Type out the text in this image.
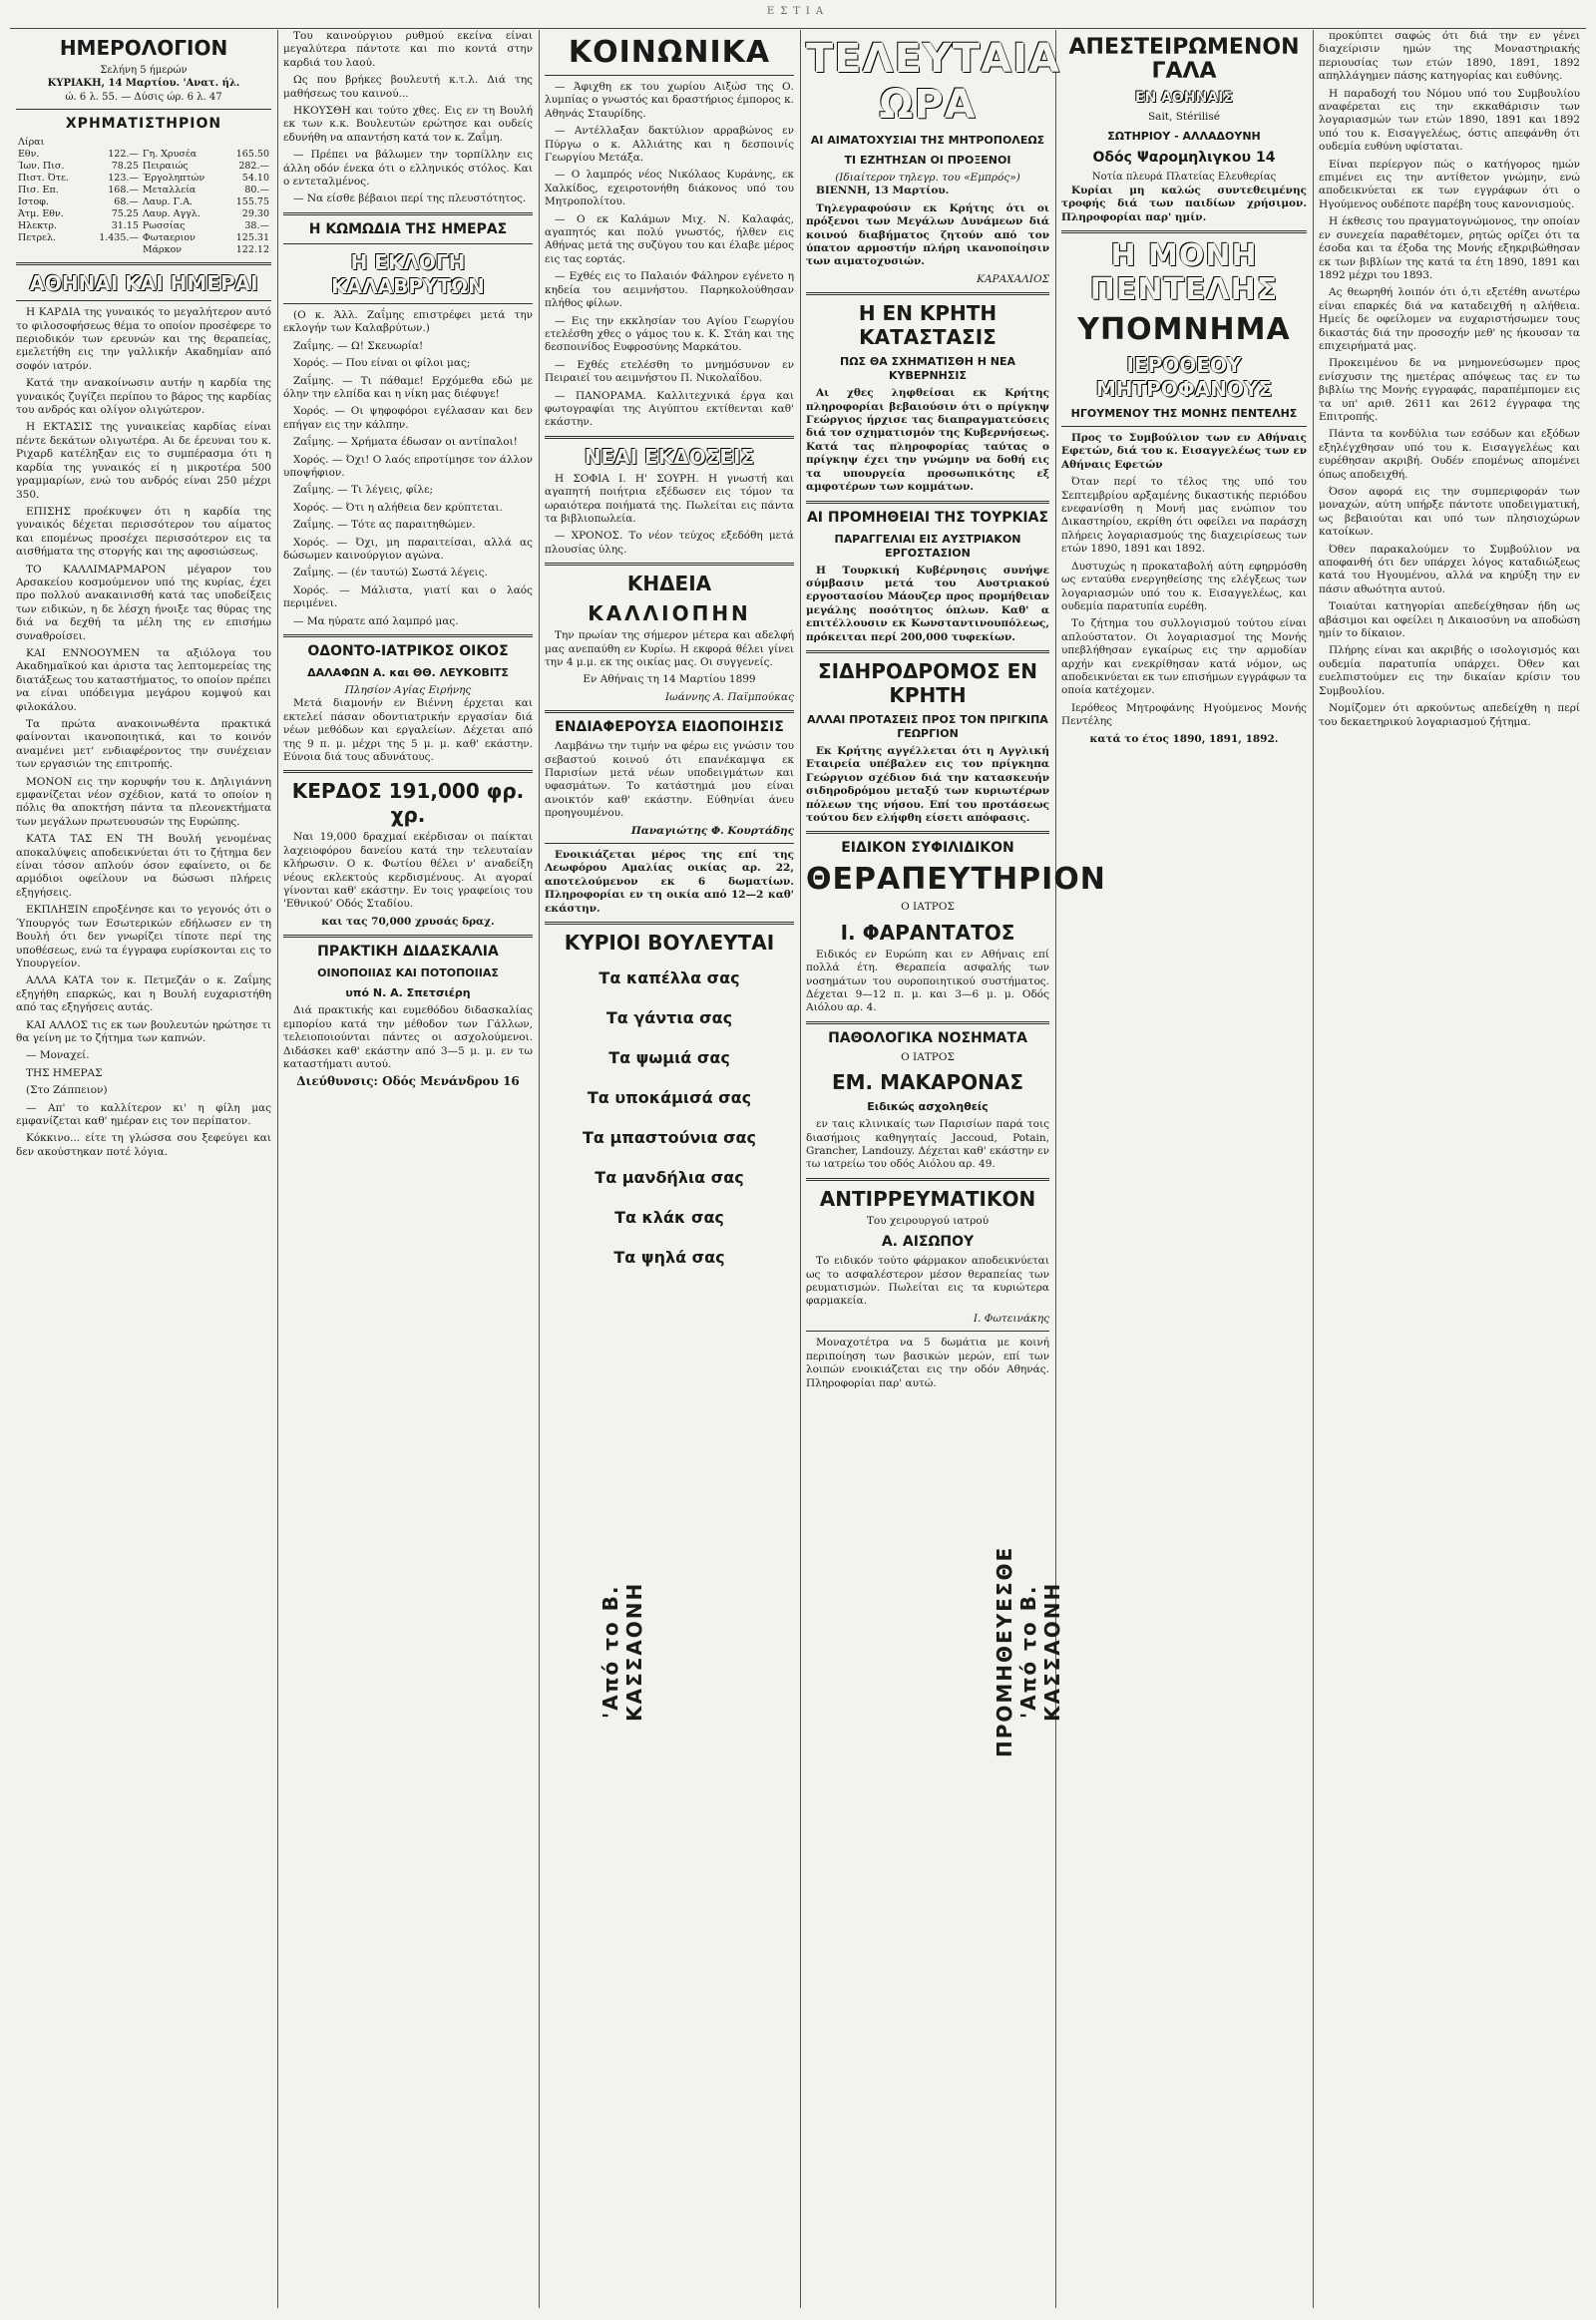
ΕΣΤΙΑ
ΗΜΕΡΟΛΟΓΙΟΝ
Σελήνη 5 ήμερών
ΚΥΡΙΑΚΗ, 14 Μαρτίου. 'Ανατ. ήλ.
ώ. 6 λ. 55. — Δύσις ώρ. 6 λ. 47
ΧΡΗΜΑΤΙΣΤΗΡΙΟΝ
Λίραι			
Εθν.	122.—	Γη. Χρυσέα	165.50
Ίων. Πισ.	78.25	Πειραιώς	282.—
Πιστ. Ότε.	123.—	Έργοληπτών	54.10
Πισ. Επ.	168.—	Μεταλλεία	80.—
Ιστοφ.	68.—	Λαυρ. Γ.Α.	155.75
Άτμ. Εθν.	75.25	Λαυρ. Αγγλ.	29.30
Ηλεκτρ.	31.15	Ρωσσίας	38.—
Πετρελ.	1.435.—	Φωταεριον	125.31
		Μάρκον	122.12
ΑΘΗΝΑΙ ΚΑΙ ΗΜΕΡΑΙ

Η ΚΑΡΔΙΑ της γυναικός το μεγαλήτερον αυτό το φιλοσοφήσεως θέμα το οποίον προσέφερε το περιοδικόν των ερευνών και της θεραπείας, εμελετήθη εις την γαλλικήν Ακαδημίαν από σοφόν ιατρόν.

Κατά την ανακοίνωσιν αυτήν η καρδία της γυναικός ζυγίζει περίπου το βάρος της καρδίας του ανδρός και ολίγον ολιγώτερον.

Η ΕΚΤΑΣΙΣ της γυναικείας καρδίας είναι πέντε δεκάτων ολιγωτέρα. Αι δε έρευναι του κ. Ριχαρδ κατέληξαν εις το συμπέρασμα ότι η καρδία της γυναικός εί η μικροτέρα 500 γραμμαρίων, ενώ του ανδρός είναι 250 μέχρι 350.

ΕΠΙΣΗΣ προέκυψεν ότι η καρδία της γυναικός δέχεται περισσότερον του αίματος και επομένως προσέχει περισσότερον εις τα αισθήματα της στοργής και της αφοσιώσεως.

ΤΟ ΚΑΛΛΙΜΑΡΜΑΡΟΝ μέγαρον του Αρσακείου κοσμούμενον υπό της κυρίας, έχει προ πολλού ανακαινισθή κατά τας υποδείξεις των ειδικών, η δε λέσχη ήνοιξε τας θύρας της διά να δεχθή τα μέλη της εν επισήμω συναθροίσει.

ΚΑΙ ΕΝΝΟΟΥΜΕΝ τα αξιόλογα του Ακαδημαϊκού και άριστα τας λεπτομερείας της διατάξεως του καταστήματος, το οποίον πρέπει να είναι υπόδειγμα μεγάρου κομψού και φιλοκάλου.

Τα πρώτα ανακοινωθέντα πρακτικά φαίνονται ικανοποιητικά, και το κοινόν αναμένει μετ' ενδιαφέροντος την συνέχειαν των εργασιών της επιτροπής.

ΜΟΝΟΝ εις την κορυφήν του κ. Δηλιγιάννη εμφανίζεται νέον σχέδιον, κατά το οποίον η πόλις θα αποκτήση πάντα τα πλεονεκτήματα των μεγάλων πρωτευουσών της Ευρώπης.

ΚΑΤΑ ΤΑΣ ΕΝ ΤΗ Βουλή γενομένας αποκαλύψεις αποδεικνύεται ότι το ζήτημα δεν είναι τόσον απλούν όσον εφαίνετο, οι δε αρμόδιοι οφείλουν να δώσωσι πλήρεις εξηγήσεις.

ΕΚΠΛΗΞΙΝ επροξένησε και το γεγονός ότι ο Ύπουργός των Εσωτερικών εδήλωσεν εν τη Βουλή ότι δεν γνωρίζει τίποτε περί της υποθέσεως, ενώ τα έγγραφα ευρίσκονται εις το Υπουργείον.

ΑΛΛΑ ΚΑΤΑ τον κ. Πετμεζάν ο κ. Ζαΐμης εξηγήθη επαρκώς, και η Βουλή ευχαριστήθη από τας εξηγήσεις αυτάς.

ΚΑΙ ΑΛΛΟΣ τις εκ των βουλευτών ηρώτησε τι θα γείνη με το ζήτημα των καπνών.

— Μοναχεί.

ΤΗΣ ΗΜΕΡΑΣ

(Στο Ζάππειον)

— Απ' το καλλίτερον κι' η φίλη μας εμφανίζεται καθ' ημέραν εις τον περίπατον.

Κόκκινο... είτε τη γλώσσα σου ξεφεύγει και δεν ακούστηκαν ποτέ λόγια.

Του καινούργιου ρυθμού εκείνα είναι μεγαλύτερα πάντοτε και πιο κοντά στην καρδιά του λαού.

Ως που βρήκες βουλευτή κ.τ.λ. Διά της μαθήσεως του καινού...

ΗΚΟΥΣΘΗ και τούτο χθες. Εις εν τη Βουλή εκ των κ.κ. Βουλευτών ερώτησε και ουδείς εδυνήθη να απαντήση κατά τον κ. Ζαΐμη.

— Πρέπει να βάλωμεν την τορπίλλην εις άλλη οδόν ένεκα ότι ο ελληνικός στόλος. Και ο εντεταλμένος.

— Να είσθε βέβαιοι περί της πλευστότητος.

Η ΚΩΜΩΔΙΑ ΤΗΣ ΗΜΕΡΑΣ
Η ΕΚΛΟΓΗ ΚΑΛΑΒΡΥΤΩΝ

(Ο κ. Άλλ. Ζαΐμης επιστρέφει μετά την εκλογήν των Καλαβρύτων.)

Ζαΐμης. — Ω! Σκευωρία!

Χορός. — Που είναι οι φίλοι μας;

Ζαΐμης. — Τι πάθαμε! Ερχόμεθα εδώ με όλην την ελπίδα και η νίκη μας διέφυγε!

Χορός. — Οι ψηφοφόροι εγέλασαν και δεν επήγαν εις την κάλπην.

Ζαΐμης. — Χρήματα έδωσαν οι αντίπαλοι!

Χορός. — Όχι! Ο λαός επροτίμησε τον άλλον υποψήφιον.

Ζαΐμης. — Τι λέγεις, φίλε;

Χορός. — Ότι η αλήθεια δεν κρύπτεται.

Ζαΐμης. — Τότε ας παραιτηθώμεν.

Χορός. — Όχι, μη παραιτείσαι, αλλά ας δώσωμεν καινούργιον αγώνα.

Ζαΐμης. — (έν ταυτώ) Σωστά λέγεις.

Χορός. — Μάλιστα, γιατί και ο λαός περιμένει.

— Μα ηύρατε από λαμπρό μας.

ΟΔΟΝΤΟ-ΙΑΤΡΙΚΟΣ ΟΙΚΟΣ
ΔΑΛΑΦΩΝ Α. και ΘΘ. ΛΕΥΚΟΒΙΤΣ
Πλησίον Αγίας Ειρήνης

Μετά διαμονήν εν Βιέννη έρχεται και εκτελεί πάσαν οδοντιατρικήν εργασίαν διά νέων μεθόδων και εργαλείων. Δέχεται από της 9 π. μ. μέχρι της 5 μ. μ. καθ' εκάστην. Εύνοια διά τους αδυνάτους.

ΚΕΡΔΟΣ 191,000 φρ. χρ.

Ναι 19,000 δραχμαί εκέρδισαν οι παίκται λαχειοφόρου δανείου κατά την τελευταίαν κλήρωσιν. Ο κ. Φωτίου θέλει ν' αναδείξη νέους εκλεκτούς κερδισμένους. Αι αγοραί γίνονται καθ' εκάστην. Εν τοις γραφείοις του 'Εθνικού' Οδός Σταδίου.

και τας 70,000 χρυσάς δραχ.

ΠΡΑΚΤΙΚΗ ΔΙΔΑΣΚΑΛΙΑ
ΟΙΝΟΠΟΙΙΑΣ ΚΑΙ ΠΟΤΟΠΟΙΙΑΣ
υπό Ν. Α. Σπετσιέρη

Διά πρακτικής και ευμεθόδου διδασκαλίας εμπορίου κατά την μέθοδον των Γάλλων, τελειοποιούνται πάντες οι ασχολούμενοι. Διδάσκει καθ' εκάστην από 3—5 μ. μ. εν τω καταστήματι αυτού.

Διεύθυνσις: Οδός Μενάνδρου 16
ΚΟΙΝΩΝΙΚΑ

— Άφιχθη εκ του χωρίου Αιξώσ της Ο. λυμπίας ο γνωστός και δραστήριος έμπορος κ. Αθηνάς Σταυρίδης.

— Αντέλλαξαν δακτύλιον αρραβώνος εν Πύργω ο κ. Αλλιάτης και η δεσποινίς Γεωργίου Μετάξα.

— Ο λαμπρός νέος Νικόλαος Κυράνης, εκ Χαλκίδος, εχειροτονήθη διάκονος υπό του Μητροπολίτου.

— Ο εκ Καλάμων Μιχ. Ν. Καλαφάς, αγαπητός και πολύ γνωστός, ήλθεν εις Αθήνας μετά της συζύγου του και έλαβε μέρος εις τας εορτάς.

— Εχθές εις το Παλαιόν Φάληρον εγένετο η κηδεία του αειμνήστου. Παρηκολούθησαν πλήθος φίλων.

— Εις την εκκλησίαν του Αγίου Γεωργίου ετελέσθη χθες ο γάμος του κ. Κ. Στάη και της δεσποινίδος Ευφροσύνης Μαρκάτου.

— Εχθές ετελέσθη το μνημόσυνον εν Πειραιεί του αειμνήστου Π. Νικολαΐδου.

— ΠΑΝΟΡΑΜΑ. Καλλιτεχνικά έργα και φωτογραφίαι της Αιγύπτου εκτίθενται καθ' εκάστην.

ΝΕΑΙ ΕΚΔΟΣΕΙΣ

Η ΣΟΦΙΑ Ι. Η' ΣΟΥΡΗ. Η γνωστή και αγαπητή ποιήτρια εξέδωσεν εις τόμον τα ωραιότερα ποιήματά της. Πωλείται εις πάντα τα βιβλιοπωλεία.

— ΧΡΟΝΟΣ. Το νέον τεύχος εξεδόθη μετά πλουσίας ύλης.

ΚΗΔΕΙΑ
ΚΑΛΛΙΟΠΗΝ

Την πρωίαν της σήμερον μέτερα και αδελφή μας ανεπαύθη εν Κυρίω. Η εκφορά θέλει γίνει την 4 μ.μ. εκ της οικίας μας. Οι συγγενείς.

Εν Αθήναις τη 14 Μαρτίου 1899

Ιωάννης Α. Παϊμπούκας

ΕΝΔΙΑΦΕΡΟΥΣΑ ΕΙΔΟΠΟΙΗΣΙΣ

Λαμβάνω την τιμήν να φέρω εις γνώσιν του σεβαστού κοινού ότι επανέκαμψα εκ Παρισίων μετά νέων υποδειγμάτων και υφασμάτων. Το κατάστημά μου είναι ανοικτόν καθ' εκάστην. Εύθηνίαι άνευ προηγουμένου.

Παναγιώτης Φ. Κουρτάδης

Ενοικιάζεται μέρος της επί της Λεωφόρου Αμαλίας οικίας αρ. 22, αποτελούμενον εκ 6 δωματίων. Πληροφορίαι εν τη οικία από 12—2 καθ' εκάστην.

ΚΥΡΙΟΙ ΒΟΥΛΕΥΤΑΙ
Τα καπέλλα σας
Τα γάντια σας
Τα ψωμιά σας
Τα υποκάμισά σας
Τα μπαστούνια σας
Τα μανδήλια σας
Τα κλάκ σας
Τα ψηλά σας
ΤΕΛΕΥΤΑΙΑ ΩΡΑ
ΑΙ ΑΙΜΑΤΟΧΥΣΙΑΙ ΤΗΣ ΜΗΤΡΟΠΟΛΕΩΣ
ΤΙ ΕΖΗΤΗΣΑΝ ΟΙ ΠΡΟΞΕΝΟΙ
(Ιδιαίτερον τηλεγρ. του «Εμπρός»)

ΒΙΕΝΝΗ, 13 Μαρτίου.

Τηλεγραφούσιν εκ Κρήτης ότι οι πρόξενοι των Μεγάλων Δυνάμεων διά κοινού διαβήματος ζητούν από τον ύπατον αρμοστήν πλήρη ικανοποίησιν των αιματοχυσιών.

ΚΑΡΑΧΑΛΙΟΣ

Η ΕΝ ΚΡΗΤΗ ΚΑΤΑΣΤΑΣΙΣ
ΠΩΣ ΘΑ ΣΧΗΜΑΤΙΣΘΗ Η ΝΕΑ ΚΥΒΕΡΝΗΣΙΣ

Αι χθες ληφθείσαι εκ Κρήτης πληροφορίαι βεβαιούσιν ότι ο πρίγκηψ Γεώργιος ήρχισε τας διαπραγματεύσεις διά τον σχηματισμόν της Κυβερνήσεως. Κατά τας πληροφορίας ταύτας ο πρίγκηψ έχει την γνώμην να δοθή εις τα υπουργεία προσωπικότης εξ αμφοτέρων των κομμάτων.

ΑΙ ΠΡΟΜΗΘΕΙΑΙ ΤΗΣ ΤΟΥΡΚΙΑΣ
ΠΑΡΑΓΓΕΛΙΑΙ ΕΙΣ ΑΥΣΤΡΙΑΚΟΝ ΕΡΓΟΣΤΑΣΙΟΝ

Η Τουρκική Κυβέρνησις συνήψε σύμβασιν μετά του Αυστριακού εργοστασίου Μάουζερ προς προμήθειαν μεγάλης ποσότητος όπλων. Καθ' α επιτέλλουσιν εκ Κωνσταντινουπόλεως, πρόκειται περί 200,000 τυφεκίων.

ΣΙΔΗΡΟΔΡΟΜΟΣ ΕΝ ΚΡΗΤΗ
ΑΛΛΑΙ ΠΡΟΤΑΣΕΙΣ ΠΡΟΣ ΤΟΝ ΠΡΙΓΚΙΠΑ ΓΕΩΡΓΙΟΝ

Εκ Κρήτης αγγέλλεται ότι η Αγγλική Εταιρεία υπέβαλεν εις τον πρίγκηπα Γεώργιον σχέδιον διά την κατασκευήν σιδηροδρόμου μεταξύ των κυριωτέρων πόλεων της νήσου. Επί του προτάσεως τούτου δεν ελήφθη είσετι απόφασις.

ΕΙΔΙΚΟΝ ΣΥΦΙΛΙΔΙΚΟΝ
ΘΕΡΑΠΕΥΤΗΡΙΟΝ
Ο ΙΑΤΡΟΣ
Ι. ΦΑΡΑΝΤΑΤΟΣ

Ειδικός εν Ευρώπη και εν Αθήναις επί πολλά έτη. Θεραπεία ασφαλής των νοσημάτων του ουροποιητικού συστήματος. Δέχεται 9—12 π. μ. και 3—6 μ. μ. Οδός Αιόλου αρ. 4.

ΠΑΘΟΛΟΓΙΚΑ ΝΟΣΗΜΑΤΑ
Ο ΙΑΤΡΟΣ
ΕΜ. ΜΑΚΑΡΟΝΑΣ
Ειδικώς ασχοληθείς

εν ταις κλινικαίς των Παρισίων παρά τοις διασήμοις καθηγηταίς Jaccoud, Potain, Grancher, Landouzy. Δέχεται καθ' εκάστην εν τω ιατρείω του οδός Αιόλου αρ. 49.

ΑΝΤΙΡΡΕΥΜΑΤΙΚΟΝ
Του χειρουργού ιατρού
Α. ΑΙΣΩΠΟΥ

Το ειδικόν τούτο φάρμακον αποδεικνύεται ως το ασφαλέστερον μέσον θεραπείας των ρευματισμών. Πωλείται εις τα κυριώτερα φαρμακεία.

Ι. Φωτεινάκης

Μοναχοτέτρα να 5 δωμάτια με κοινή περιποίηση των βασικών μερών, επί των λοιπών ενοικιάζεται εις την οδόν Αθηνάς. Πληροφορίαι παρ' αυτώ.

ΑΠΕΣΤΕΙΡΩΜΕΝΟΝ ΓΑΛΑ
ΕΝ ΑΘΗΝΑΙΣ
Sait, Stérilisé
ΣΩΤΗΡΙΟΥ - ΑΛΛΑΔΟΥΝΗ
Οδός Ψαρομηλιγκου 14
Νοτία πλευρά Πλατείας Ελευθερίας

Κυρίαι μη καλώς συντεθειμένης τροφής διά των παιδίων χρήσιμον. Πληροφορίαι παρ' ημίν.

Η ΜΟΝΗ ΠΕΝΤΕΛΗΣ
ΥΠΟΜΝΗΜΑ
ΙΕΡΟΘΕΟΥ ΜΗΤΡΟΦΑΝΟΥΣ
ΗΓΟΥΜΕΝΟΥ ΤΗΣ ΜΟΝΗΣ ΠΕΝΤΕΛΗΣ

Προς το Συμβούλιον των εν Αθήναις Εφετών, διά του κ. Εισαγγελέως των εν Αθήναις Εφετών

Όταν περί το τέλος της υπό του Σεπτεμβρίου αρξαμένης δικαστικής περιόδου ενεφανίσθη η Μονή μας ενώπιον του Δικαστηρίου, εκρίθη ότι οφείλει να παράσχη πλήρεις λογαριασμούς της διαχειρίσεως των ετών 1890, 1891 και 1892.

Δυστυχώς η προκαταβολή αύτη εφηρμόσθη ως ενταύθα ενεργηθείσης της ελέγξεως των λογαριασμών υπό του κ. Εισαγγελέως, και ουδεμία παρατυπία ευρέθη.

Το ζήτημα του συλλογισμού τούτου είναι απλούστατον. Οι λογαριασμοί της Μονής υπεβλήθησαν εγκαίρως εις την αρμοδίαν αρχήν και ενεκρίθησαν κατά νόμον, ως αποδεικνύεται εκ των επισήμων εγγράφων τα οποία κατέχομεν.

Ιερόθεος Μητροφάνης Ηγούμενος Μονής Πεντέλης

κατά το έτος 1890, 1891, 1892.

προκύπτει σαφώς ότι διά την εν γένει διαχείρισιν ημών της Μοναστηριακής περιουσίας των ετών 1890, 1891, 1892 απηλλάγημεν πάσης κατηγορίας και ευθύνης.

Η παραδοχή του Νόμου υπό του Συμβουλίου αναφέρεται εις την εκκαθάρισιν των λογαριασμών των ετών 1890, 1891 και 1892 υπό του κ. Εισαγγελέως, όστις απεφάνθη ότι ουδεμία ευθύνη υφίσταται.

Είναι περίεργον πώς ο κατήγορος ημών επιμένει εις την αντίθετον γνώμην, ενώ αποδεικνύεται εκ των εγγράφων ότι ο Ηγούμενος ουδέποτε παρέβη τους κανονισμούς.

Η έκθεσις του πραγματογνώμονος, την οποίαν εν συνεχεία παραθέτομεν, ρητώς ορίζει ότι τα έσοδα και τα έξοδα της Μονής εξηκριβώθησαν εκ των βιβλίων της κατά τα έτη 1890, 1891 και 1892 μέχρι του 1893.

Ας θεωρηθή λοιπόν ότι ό,τι εξετέθη ανωτέρω είναι επαρκές διά να καταδειχθή η αλήθεια. Ημείς δε οφείλομεν να ευχαριστήσωμεν τους δικαστάς διά την προσοχήν μεθ' ης ήκουσαν τα επιχειρήματά μας.

Προκειμένου δε να μνημονεύσωμεν προς ενίσχυσιν της ημετέρας απόψεως τας εν τω βιβλίω της Μονής εγγραφάς, παραπέμπομεν εις τα υπ' αριθ. 2611 και 2612 έγγραφα της Επιτροπής.

Πάντα τα κονδύλια των εσόδων και εξόδων εξηλέγχθησαν υπό του κ. Εισαγγελέως και ευρέθησαν ακριβή. Ουδέν επομένως απομένει όπως αποδειχθή.

Όσον αφορά εις την συμπεριφοράν των μοναχών, αύτη υπήρξε πάντοτε υποδειγματική, ως βεβαιούται και υπό των πλησιοχώρων κατοίκων.

Όθεν παρακαλούμεν το Συμβούλιον να αποφανθή ότι δεν υπάρχει λόγος καταδιώξεως κατά του Ηγουμένου, αλλά να κηρύξη την εν πάσιν αθωότητα αυτού.

Τοιαύται κατηγορίαι απεδείχθησαν ήδη ως αβάσιμοι και οφείλει η Δικαιοσύνη να αποδώση ημίν το δίκαιον.

Πλήρης είναι και ακριβής ο ισολογισμός και ουδεμία παρατυπία υπάρχει. Όθεν και ευελπιστούμεν εις την δικαίαν κρίσιν του Συμβουλίου.

Νομίζομεν ότι αρκούντως απεδείχθη η περί του δεκαετηρικού λογαριασμού ζήτημα.

'Από το Β. ΚΑΣΣΑΟΝΗ	ΠΡΟΜΗΘΕΥΕΣΘΕ 'Από το Β. ΚΑΣΣΑΟΝΗ
